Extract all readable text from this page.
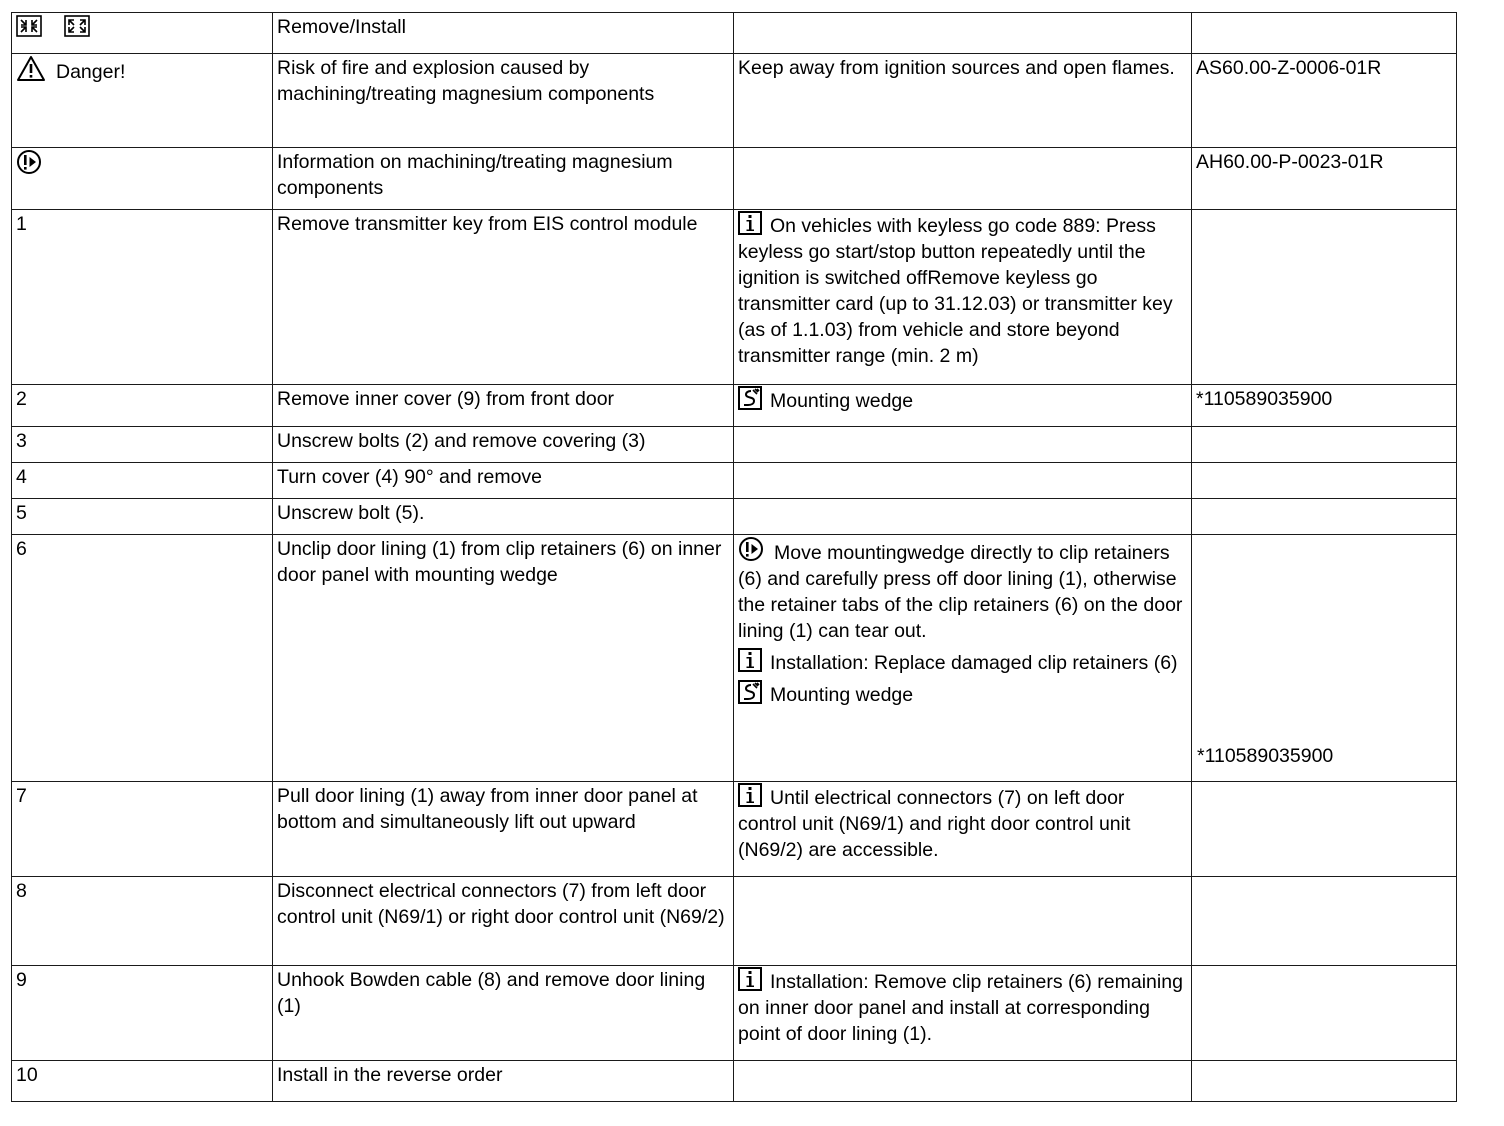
	Remove/Install		

Danger!	Risk of fire and explosion caused by machining/treating magnesium components	Keep away from ignition sources and open flames.	AS60.00-Z-0006-01R
	Information on machining/treating magnesium components		AH60.00-P-0023-01R
1	Remove transmitter key from EIS control module	On vehicles with keyless go code 889: Press keyless go start/stop button repeatedly until the ignition is switched offRemove keyless go transmitter card (up to 31.12.03) or transmitter key (as of 1.1.03) from vehicle and store beyond transmitter range (min. 2 m)	

2	Remove inner cover (9) from front door	Mounting wedge	*110589035900
3	Unscrew bolts (2) and remove covering (3)		
4	Turn cover (4) 90° and remove		
5	Unscrew bolt (5).		
6	Unclip door lining (1) from clip retainers (6) on inner door panel with mounting wedge	Move mountingwedge directly to clip retainers (6) and carefully press off door lining (1), otherwise the retainer tabs of the clip retainers (6) on the door lining (1) can tear out.
Installation: Replace damaged clip retainers (6)
Mounting wedge	*110589035900

7	Pull door lining (1) away from inner door panel at bottom and simultaneously lift out upward	Until electrical connectors (7) on left door control unit (N69/1) and right door control unit (N69/2) are accessible.	

8	Disconnect electrical connectors (7) from left door control unit (N69/1) or right door control unit (N69/2)		
9	Unhook Bowden cable (8) and remove door lining (1)	Installation: Remove clip retainers (6) remaining on inner door panel and install at corresponding point of door lining (1).	

10	Install in the reverse order		
